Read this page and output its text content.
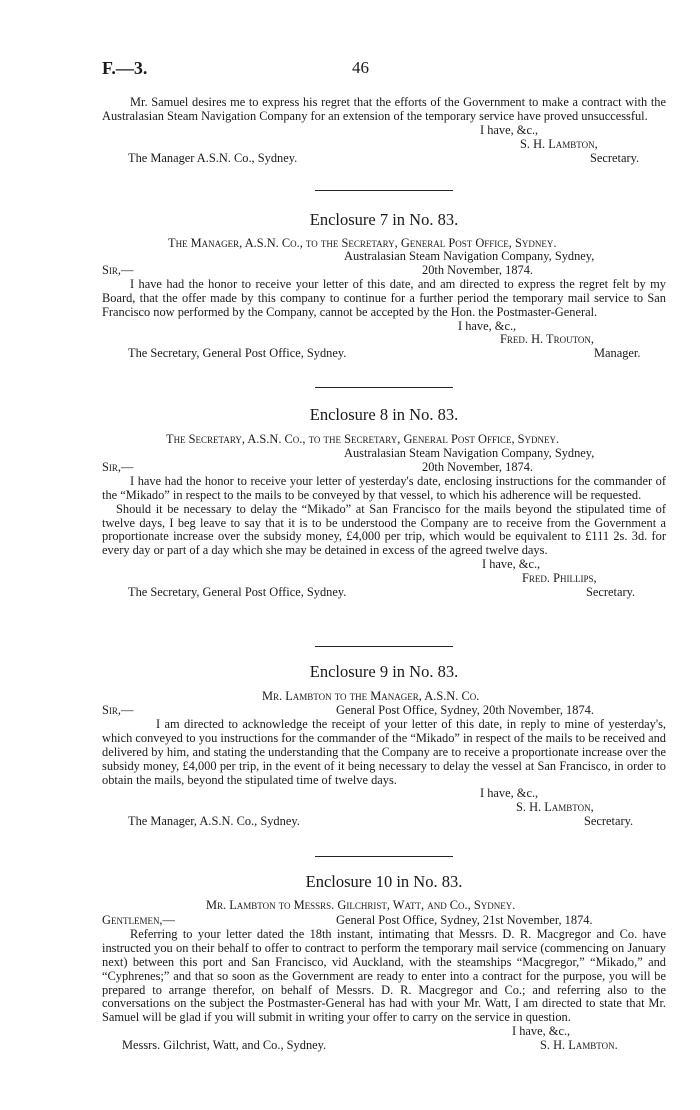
F.—3.	46

Mr. Samuel desires me to express his regret that the efforts of the Government to make a contract with the Australasian Steam Navigation Company for an extension of the temporary service have proved unsuccessful.

I have, &c.,
S. H. Lambton,
The Manager A.S.N. Co., Sydney.	Secretary.
Enclosure 7 in No. 83.
The Manager, A.S.N. Co., to the Secretary, General Post Office, Sydney.
Australasian Steam Navigation Company, Sydney,
Sir,—	20th November, 1874.

I have had the honor to receive your letter of this date, and am directed to express the regret felt by my Board, that the offer made by this company to continue for a further period the temporary mail service to San Francisco now performed by the Company, cannot be accepted by the Hon. the Postmaster-General.

I have, &c.,
Fred. H. Trouton,
The Secretary, General Post Office, Sydney.	Manager.
Enclosure 8 in No. 83.
The Secretary, A.S.N. Co., to the Secretary, General Post Office, Sydney.
Australasian Steam Navigation Company, Sydney,
Sir,—	20th November, 1874.

I have had the honor to receive your letter of yesterday's date, enclosing instructions for the commander of the “Mikado” in respect to the mails to be conveyed by that vessel, to which his adherence will be requested.

Should it be necessary to delay the “Mikado” at San Francisco for the mails beyond the stipulated time of twelve days, I beg leave to say that it is to be understood the Company are to receive from the Government a proportionate increase over the subsidy money, £4,000 per trip, which would be equivalent to £111 2s. 3d. for every day or part of a day which she may be detained in excess of the agreed twelve days.

I have, &c.,
Fred. Phillips,
The Secretary, General Post Office, Sydney.	Secretary.
Enclosure 9 in No. 83.
Mr. Lambton to the Manager, A.S.N. Co.
Sir,—	General Post Office, Sydney, 20th November, 1874.

I am directed to acknowledge the receipt of your letter of this date, in reply to mine of yesterday's, which conveyed to you instructions for the commander of the “Mikado” in respect of the mails to be received and delivered by him, and stating the understanding that the Company are to receive a proportionate increase over the subsidy money, £4,000 per trip, in the event of it being necessary to delay the vessel at San Francisco, in order to obtain the mails, beyond the stipulated time of twelve days.

I have, &c.,
S. H. Lambton,
The Manager, A.S.N. Co., Sydney.	Secretary.
Enclosure 10 in No. 83.
Mr. Lambton to Messrs. Gilchrist, Watt, and Co., Sydney.
Gentlemen,—	General Post Office, Sydney, 21st November, 1874.

Referring to your letter dated the 18th instant, intimating that Messrs. D. R. Macgregor and Co. have instructed you on their behalf to offer to contract to perform the temporary mail service (commencing on January next) between this port and San Francisco, vid Auckland, with the steamships “Macgregor,” “Mikado,” and “Cyphrenes;” and that so soon as the Government are ready to enter into a contract for the purpose, you will be prepared to arrange therefor, on behalf of Messrs. D. R. Macgregor and Co.; and referring also to the conversations on the subject the Postmaster-General has had with your Mr. Watt, I am directed to state that Mr. Samuel will be glad if you will submit in writing your offer to carry on the service in question.

I have, &c.,
Messrs. Gilchrist, Watt, and Co., Sydney.	S. H. Lambton.
